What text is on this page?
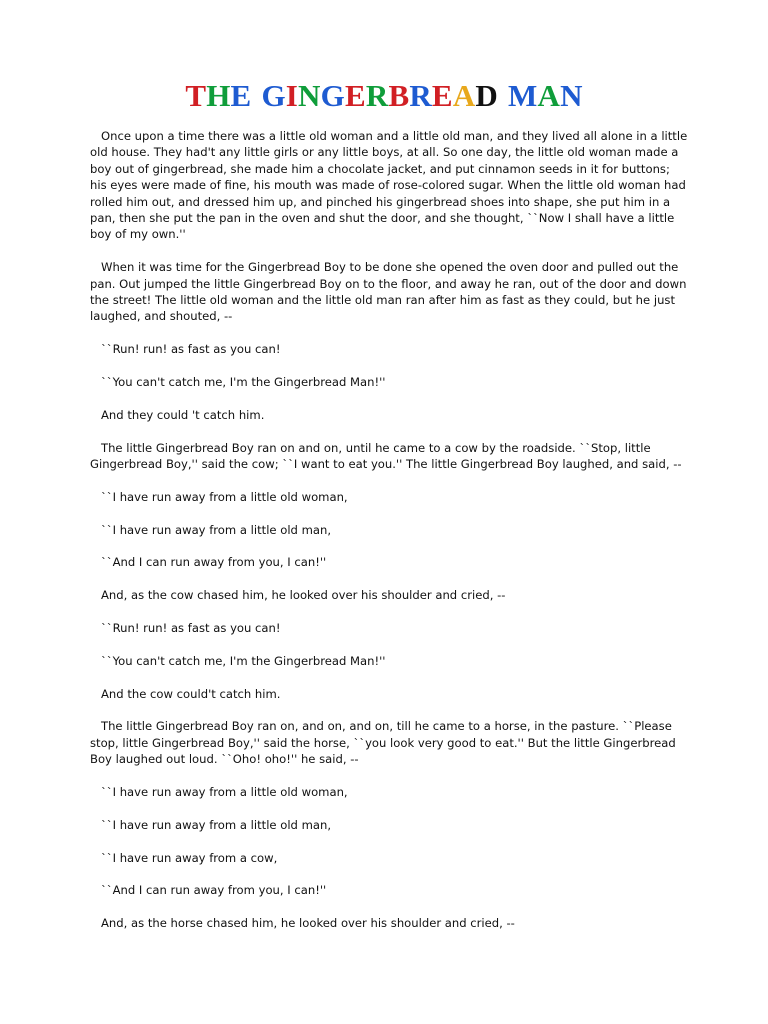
THE GINGERBREAD MAN

Once upon a time there was a little old woman and a little old man, and they lived all alone in a little old house. They had't any little girls or any little boys, at all. So one day, the little old woman made a boy out of gingerbread, she made him a chocolate jacket, and put cinnamon seeds in it for buttons; his eyes were made of fine, his mouth was made of rose-colored sugar. When the little old woman had rolled him out, and dressed him up, and pinched his gingerbread shoes into shape, she put him in a pan, then she put the pan in the oven and shut the door, and she thought, ``Now I shall have a little boy of my own.''

When it was time for the Gingerbread Boy to be done she opened the oven door and pulled out the pan. Out jumped the little Gingerbread Boy on to the floor, and away he ran, out of the door and down the street! The little old woman and the little old man ran after him as fast as they could, but he just laughed, and shouted, --

``Run! run! as fast as you can!

``You can't catch me, I'm the Gingerbread Man!''

And they could 't catch him.

The little Gingerbread Boy ran on and on, until he came to a cow by the roadside. ``Stop, little Gingerbread Boy,'' said the cow; ``I want to eat you.'' The little Gingerbread Boy laughed, and said, --

``I have run away from a little old woman,

``I have run away from a little old man,

``And I can run away from you, I can!''

And, as the cow chased him, he looked over his shoulder and cried, --

``Run! run! as fast as you can!

``You can't catch me, I'm the Gingerbread Man!''

And the cow could't catch him.

The little Gingerbread Boy ran on, and on, and on, till he came to a horse, in the pasture. ``Please stop, little Gingerbread Boy,'' said the horse, ``you look very good to eat.'' But the little Gingerbread Boy laughed out loud. ``Oho! oho!'' he said, --

``I have run away from a little old woman,

``I have run away from a little old man,

``I have run away from a cow,

``And I can run away from you, I can!''

And, as the horse chased him, he looked over his shoulder and cried, --
